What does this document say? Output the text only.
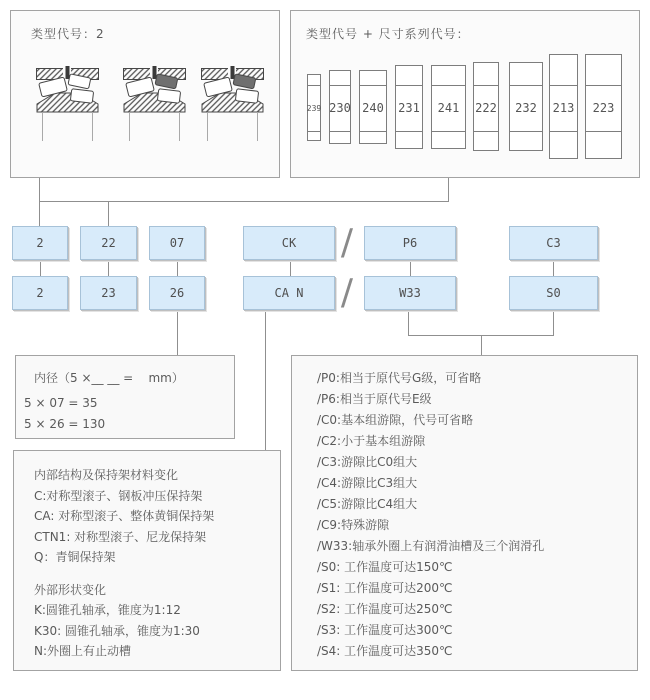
类型代号：2	类型代号 + 尺寸系列代号：
239 230 240 231	241	222	232	213	223
2	22	07	CK	P6	C3
/
2	23	26	CA N	W33	S0
/
内径（5 ×__ __ =    mm）
5 × 07 = 35
5 × 26 = 130
内部结构及保持架材料变化
C:对称型滚子、钢板冲压保持架
CA: 对称型滚子、整体黄铜保持架
CTN1: 对称型滚子、尼龙保持架
Q：青铜保持架
外部形状变化
K:圆锥孔轴承，锥度为1:12
K30: 圆锥孔轴承，锥度为1:30
N:外圈上有止动槽
/P0:相当于原代号G级，可省略
/P6:相当于原代号E级
/C0:基本组游隙，代号可省略
/C2:小于基本组游隙
/C3:游隙比C0组大
/C4:游隙比C3组大
/C5:游隙比C4组大
/C9:特殊游隙
/W33:轴承外圈上有润滑油槽及三个润滑孔
/S0: 工作温度可达150℃
/S1: 工作温度可达200℃
/S2: 工作温度可达250℃
/S3: 工作温度可达300℃
/S4: 工作温度可达350℃
